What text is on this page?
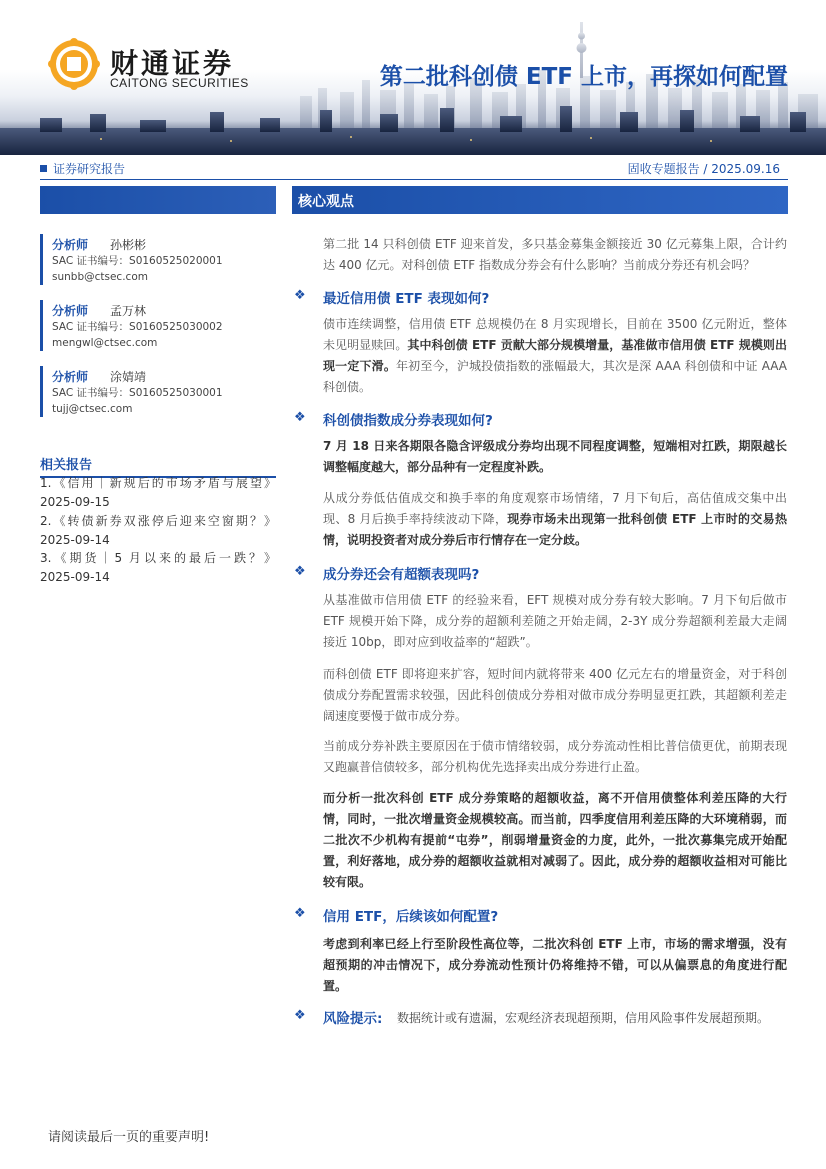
财通证券
CAITONG SECURITIES	第二批科创债 ETF 上市，再探如何配置
证券研究报告	固收专题报告 / 2025.09.16
分析师 孙彬彬
SAC 证书编号：S0160525020001
sunbb@ctsec.com
分析师 孟万林
SAC 证书编号：S0160525030002
mengwl@ctsec.com
分析师 涂婧靖
SAC 证书编号：S0160525030001
tujj@ctsec.com
相关报告
1.《信用｜新规后的市场矛盾与展望》
2025-09-15
2.《转债新券双涨停后迎来空窗期？》
2025-09-14
3.《期货｜5 月以来的最后一跌？》
2025-09-14
核心观点
第二批 14 只科创债 ETF 迎来首发，多只基金募集金额接近 30 亿元募集上限，合计约达 400 亿元。对科创债 ETF 指数成分券会有什么影响？当前成分券还有机会吗？
❖ 最近信用债 ETF 表现如何?
债市连续调整，信用债 ETF 总规模仍在 8 月实现增长，目前在 3500 亿元附近，整体未见明显赎回。其中科创债 ETF 贡献大部分规模增量，基准做市信用债 ETF 规模则出现一定下滑。年初至今，沪城投债指数的涨幅最大，其次是深 AAA 科创债和中证 AAA 科创债。
❖ 科创债指数成分券表现如何?
7 月 18 日来各期限各隐含评级成分券均出现不同程度调整，短端相对扛跌，期限越长调整幅度越大，部分品种有一定程度补跌。
从成分券低估值成交和换手率的角度观察市场情绪，7 月下旬后，高估值成交集中出现、8 月后换手率持续波动下降，现券市场未出现第一批科创债 ETF 上市时的交易热情，说明投资者对成分券后市行情存在一定分歧。
❖ 成分券还会有超额表现吗?
从基准做市信用债 ETF 的经验来看，EFT 规模对成分券有较大影响。7 月下旬后做市 ETF 规模开始下降，成分券的超额利差随之开始走阔，2-3Y 成分券超额利差最大走阔接近 10bp，即对应到收益率的“超跌”。
而科创债 ETF 即将迎来扩容，短时间内就将带来 400 亿元左右的增量资金，对于科创债成分券配置需求较强，因此科创债成分券相对做市成分券明显更扛跌，其超额利差走阔速度要慢于做市成分券。
当前成分券补跌主要原因在于债市情绪较弱，成分券流动性相比普信债更优，前期表现又跑赢普信债较多，部分机构优先选择卖出成分券进行止盈。
而分析一批次科创 ETF 成分券策略的超额收益，离不开信用债整体利差压降的大行情，同时，一批次增量资金规模较高。而当前，四季度信用利差压降的大环境稍弱，而二批次不少机构有提前“屯券”，削弱增量资金的力度，此外，一批次募集完成开始配置，利好落地，成分券的超额收益就相对减弱了。因此，成分券的超额收益相对可能比较有限。
❖ 信用 ETF，后续该如何配置?
考虑到利率已经上行至阶段性高位等，二批次科创 ETF 上市，市场的需求增强，没有超预期的冲击情况下，成分券流动性预计仍将维持不错，可以从偏票息的角度进行配置。
❖ 风险提示: 数据统计或有遗漏，宏观经济表现超预期，信用风险事件发展超预期。
请阅读最后一页的重要声明!
